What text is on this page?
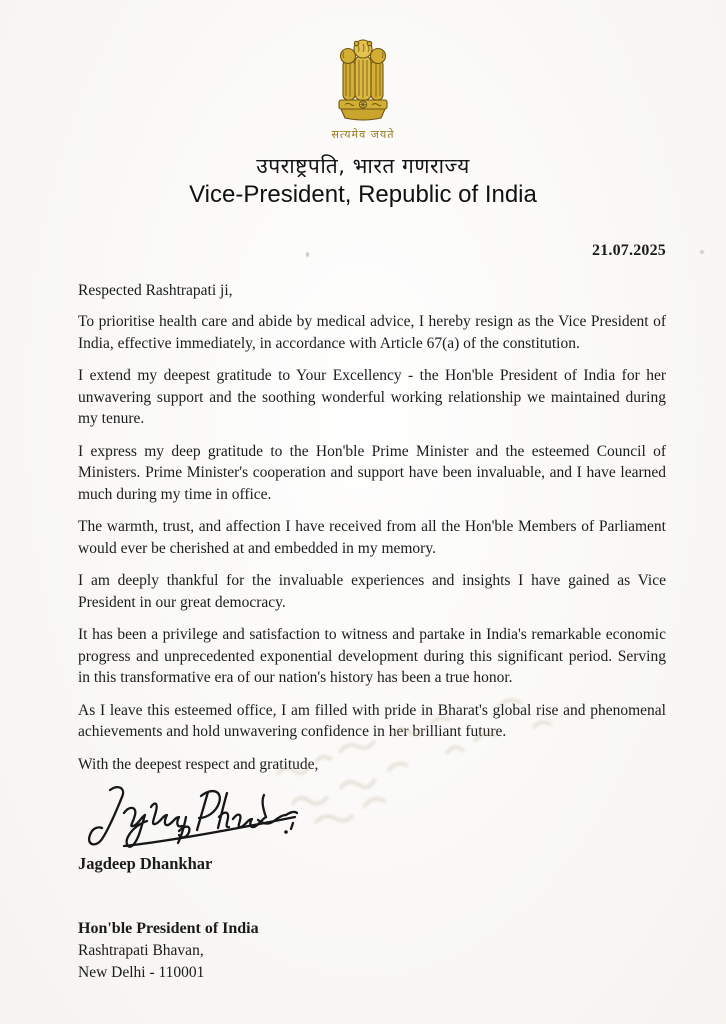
सत्यमेव जयते
उपराष्ट्रपति, भारत गणराज्य
Vice-President, Republic of India
21.07.2025
Respected Rashtrapati ji,
To prioritise health care and abide by medical advice, I hereby resign as the Vice President of India, effective immediately, in accordance with Article 67(a) of the constitution.
I extend my deepest gratitude to Your Excellency - the Hon'ble President of India for her unwavering support and the soothing wonderful working relationship we maintained during my tenure.
I express my deep gratitude to the Hon'ble Prime Minister and the esteemed Council of Ministers. Prime Minister's cooperation and support have been invaluable, and I have learned much during my time in office.
The warmth, trust, and affection I have received from all the Hon'ble Members of Parliament would ever be cherished at and embedded in my memory.
I am deeply thankful for the invaluable experiences and insights I have gained as Vice President in our great democracy.
It has been a privilege and satisfaction to witness and partake in India's remarkable economic progress and unprecedented exponential development during this significant period. Serving in this transformative era of our nation's history has been a true honor.
As I leave this esteemed office, I am filled with pride in Bharat's global rise and phenomenal achievements and hold unwavering confidence in her brilliant future.
With the deepest respect and gratitude,
Jagdeep Dhankhar
Hon'ble President of India
Rashtrapati Bhavan,
New Delhi - 110001
